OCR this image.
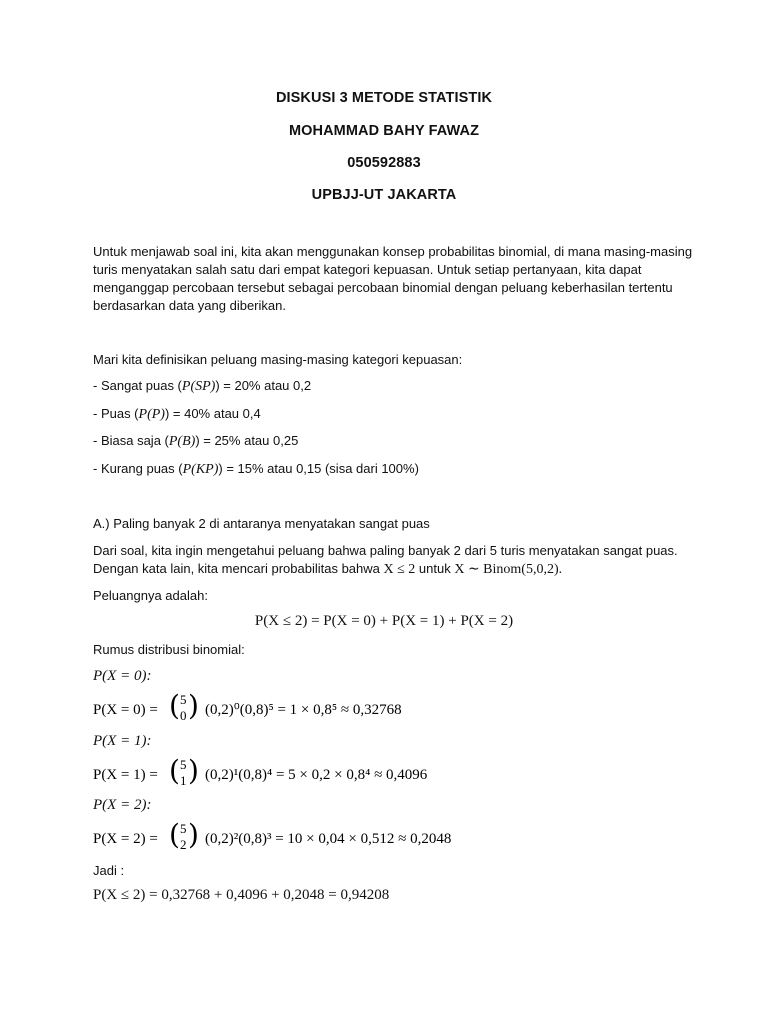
DISKUSI 3 METODE STATISTIK
MOHAMMAD BAHY FAWAZ
050592883
UPBJJ-UT JAKARTA

Untuk menjawab soal ini, kita akan menggunakan konsep probabilitas binomial, di mana masing-masing turis menyatakan salah satu dari empat kategori kepuasan. Untuk setiap pertanyaan, kita dapat menganggap percobaan tersebut sebagai percobaan binomial dengan peluang keberhasilan tertentu berdasarkan data yang diberikan.

Mari kita definisikan peluang masing-masing kategori kepuasan:

- Sangat puas (P(SP)) = 20% atau 0,2

- Puas (P(P)) = 40% atau 0,4

- Biasa saja (P(B)) = 25% atau 0,25

- Kurang puas (P(KP)) = 15% atau 0,15 (sisa dari 100%)

A.) Paling banyak 2 di antaranya menyatakan sangat puas

Dari soal, kita ingin mengetahui peluang bahwa paling banyak 2 dari 5 turis menyatakan sangat puas.

Dengan kata lain, kita mencari probabilitas bahwa X ≤ 2 untuk X ∼ Binom(5,0,2).

Peluangnya adalah:

P(X ≤ 2) = P(X = 0) + P(X = 1) + P(X = 2)

Rumus distribusi binomial:

P(X = 0):

P(X = 0) = ( 5
0 ) (0,2)⁰(0,8)⁵ = 1 × 0,8⁵ ≈ 0,32768

P(X = 1):

P(X = 1) = ( 5
1 ) (0,2)¹(0,8)⁴ = 5 × 0,2 × 0,8⁴ ≈ 0,4096

P(X = 2):

P(X = 2) = ( 5
2 ) (0,2)²(0,8)³ = 10 × 0,04 × 0,512 ≈ 0,2048

Jadi :

P(X ≤ 2) = 0,32768 + 0,4096 + 0,2048 = 0,94208
